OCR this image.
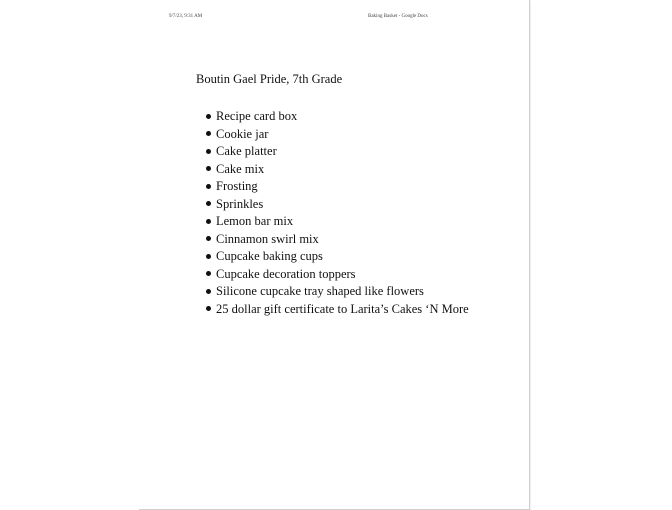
9/7/23, 9:31 AM	Baking Basket - Google Docs
Boutin Gael Pride, 7th Grade
Recipe card box
Cookie jar
Cake platter
Cake mix
Frosting
Sprinkles
Lemon bar mix
Cinnamon swirl mix
Cupcake baking cups
Cupcake decoration toppers
Silicone cupcake tray shaped like flowers
25 dollar gift certificate to Larita’s Cakes ‘N More
